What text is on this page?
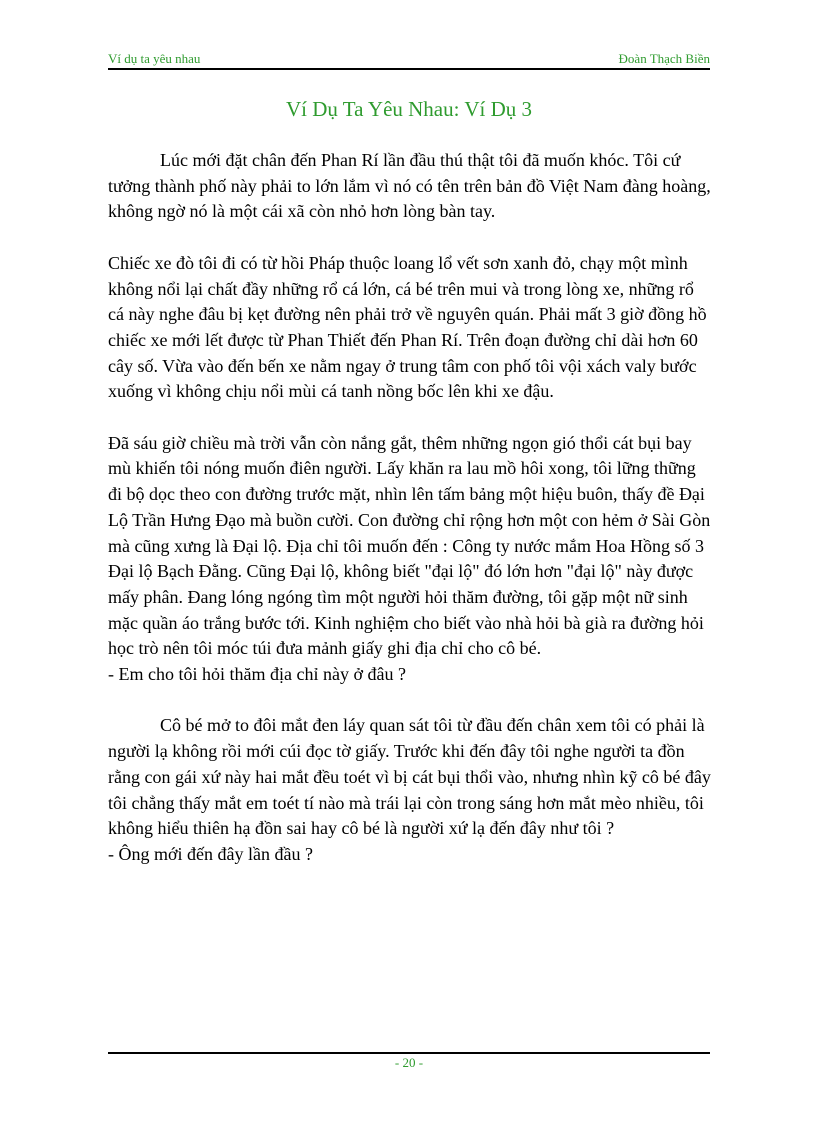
Ví dụ ta yêu nhau	Đoàn Thạch Biền
Ví Dụ Ta Yêu Nhau: Ví Dụ 3

Lúc mới đặt chân đến Phan Rí lần đầu thú thật tôi đã muốn khóc. Tôi cứ tưởng thành phố này phải to lớn lắm vì nó có tên trên bản đồ Việt Nam đàng hoàng, không ngờ nó là một cái xã còn nhỏ hơn lòng bàn tay.

Chiếc xe đò tôi đi có từ hồi Pháp thuộc loang lổ vết sơn xanh đỏ, chạy một mình không nổi lại chất đầy những rổ cá lớn, cá bé trên mui và trong lòng xe, những rổ cá này nghe đâu bị kẹt đường nên phải trở về nguyên quán. Phải mất 3 giờ đồng hồ chiếc xe mới lết được từ Phan Thiết đến Phan Rí. Trên đoạn đường chỉ dài hơn 60 cây số. Vừa vào đến bến xe nằm ngay ở trung tâm con phố tôi vội xách valy bước xuống vì không chịu nổi mùi cá tanh nồng bốc lên khi xe đậu.

Đã sáu giờ chiều mà trời vẫn còn nắng gắt, thêm những ngọn gió thổi cát bụi bay mù khiến tôi nóng muốn điên người. Lấy khăn ra lau mồ hôi xong, tôi lững thững đi bộ dọc theo con đường trước mặt, nhìn lên tấm bảng một hiệu buôn, thấy đề Đại Lộ Trần Hưng Đạo mà buồn cười. Con đường chỉ rộng hơn một con hẻm ở Sài Gòn mà cũng xưng là Đại lộ. Địa chỉ tôi muốn đến : Công ty nước mắm Hoa Hồng số 3 Đại lộ Bạch Đằng. Cũng Đại lộ, không biết "đại lộ" đó lớn hơn "đại lộ" này được mấy phân. Đang lóng ngóng tìm một người hỏi thăm đường, tôi gặp một nữ sinh mặc quần áo trắng bước tới. Kinh nghiệm cho biết vào nhà hỏi bà già ra đường hỏi học trò nên tôi móc túi đưa mảnh giấy ghi địa chỉ cho cô bé.

- Em cho tôi hỏi thăm địa chỉ này ở đâu ?

Cô bé mở to đôi mắt đen láy quan sát tôi từ đầu đến chân xem tôi có phải là người lạ không rồi mới cúi đọc tờ giấy. Trước khi đến đây tôi nghe người ta đồn rằng con gái xứ này hai mắt đều toét vì bị cát bụi thổi vào, nhưng nhìn kỹ cô bé đây tôi chẳng thấy mắt em toét tí nào mà trái lại còn trong sáng hơn mắt mèo nhiều, tôi không hiểu thiên hạ đồn sai hay cô bé là người xứ lạ đến đây như tôi ?

- Ông mới đến đây lần đầu ?

- 20 -
